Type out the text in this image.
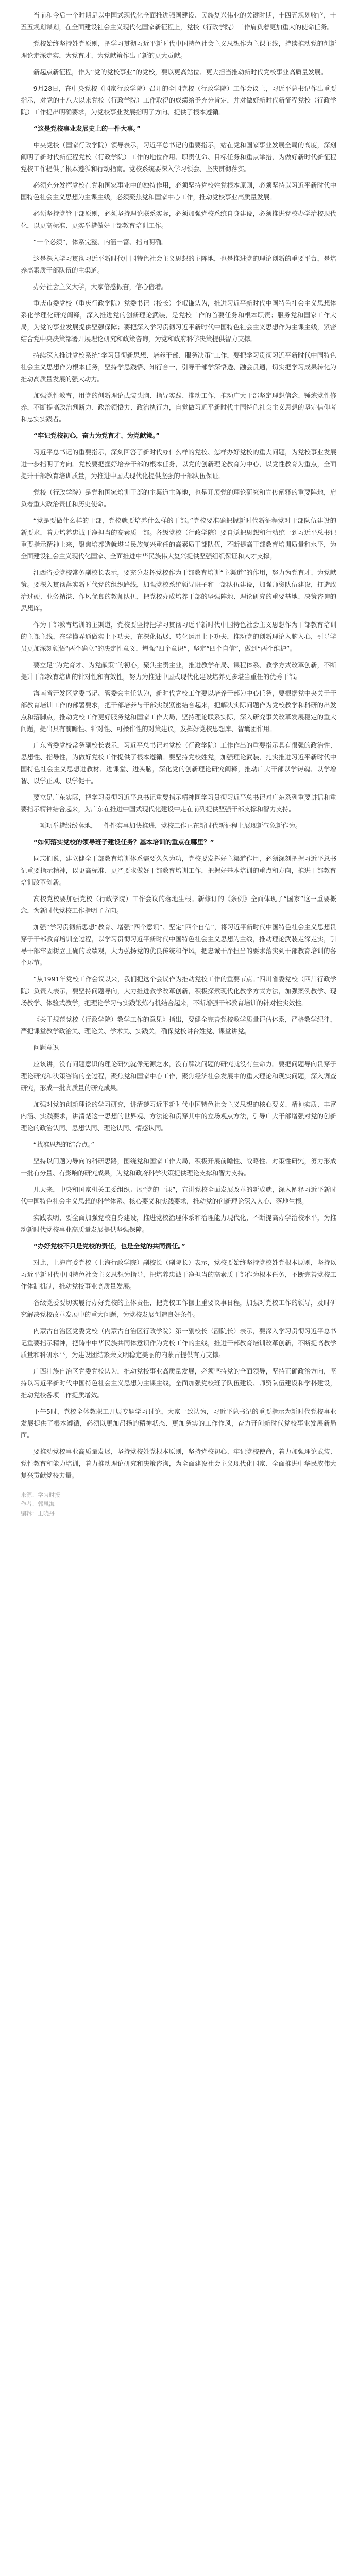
当前和今后一个时期是以中国式现代化全面推进强国建设、民族复兴伟业的关键时期，十四五规划收官，十五五规划谋划，在全面建设社会主义现代化国家新征程上，党校（行政学院）工作肩负着更加重大的使命任务。

党校始终坚持姓党原则，把学习贯彻习近平新时代中国特色社会主义思想作为主课主线，持续推动党的创新理论走深走实，为党育才、为党献策作出了新的更大贡献。

新起点新征程，作为“党的党校事业”的党校，要以更高站位、更大担当推动新时代党校事业高质量发展。

9月28日，在中央党校（国家行政学院）召开的全国党校（行政学院）工作会议上，习近平总书记作出重要指示，对党的十八大以来党校（行政学院）工作取得的成绩给予充分肯定，并对做好新时代新征程党校（行政学院）工作提出明确要求，为党校事业发展指明了方向、提供了根本遵循。

“这是党校事业发展史上的一件大事。”

中央党校（国家行政学院）领导表示，习近平总书记的重要指示，站在党和国家事业发展全局的高度，深刻阐明了新时代新征程党校（行政学院）工作的地位作用、职责使命、目标任务和重点举措，为做好新时代新征程党校工作提供了根本遵循和行动指南。党校系统要深入学习领会、坚决贯彻落实。

必须充分发挥党校在党和国家事业中的独特作用，必须坚持党校姓党根本原则，必须坚持以习近平新时代中国特色社会主义思想为主课主线，必须聚焦党和国家中心工作，推动党校事业高质量发展。

必须坚持党管干部原则，必须坚持理论联系实际，必须加强党校系统自身建设，必须推进党校办学治校现代化，以更高标准、更实举措做好干部教育培训工作。

“十个必须”，体系完整、内涵丰富、指向明确。

这是深入学习贯彻习近平新时代中国特色社会主义思想的主阵地，也是推进党的理论创新的重要平台，是培养高素质干部队伍的主渠道。

办好社会主义大学，大家倍感振奋，信心倍增。

重庆市委党校（重庆行政学院）党委书记（校长）李岷谦认为，推进习近平新时代中国特色社会主义思想体系化学理化研究阐释，深入推进党的创新理论武装，是党校工作的首要任务和根本职责；服务党和国家工作大局，为党的事业发展提供坚强保障；要把深入学习贯彻习近平新时代中国特色社会主义思想作为主课主线，紧密结合党中央决策部署开展理论研究和政策咨询，为党和政府科学决策提供智力支撑。

持续深入推进党校系统“学习贯彻新思想、培养干部、服务决策”工作，要把学习贯彻习近平新时代中国特色社会主义思想作为根本任务，坚持学思践悟、知行合一，引导干部学深悟透、融会贯通，切实把学习成果转化为推动高质量发展的强大动力。

加强党性教育，用党的创新理论武装头脑、指导实践、推动工作，推动广大干部坚定理想信念、锤炼党性修养，不断提高政治判断力、政治领悟力、政治执行力，自觉做习近平新时代中国特色社会主义思想的坚定信仰者和忠实实践者。

“牢记党校初心，奋力为党育才、为党献策。”

习近平总书记的重要指示，深刻回答了新时代办什么样的党校、怎样办好党校的重大问题，为党校事业发展进一步指明了方向。党校要把握好培养干部的根本任务，以党的创新理论教育为中心，以党性教育为重点，全面提升干部教育培训质量，为推进中国式现代化提供坚强的干部队伍保证。

党校（行政学院）是党和国家培训干部的主渠道主阵地，也是开展党的理论研究和宣传阐释的重要阵地，肩负着重大政治责任和历史使命。

“党是要做什么样的干部，党校就要培养什么样的干部。”党校要准确把握新时代新征程党对干部队伍建设的新要求，着力培养忠诚干净担当的高素质干部。各级党校（行政学院）要自觉把思想和行动统一到习近平总书记重要指示精神上来，聚焦培养造就堪当民族复兴重任的高素质干部队伍，不断提高干部教育培训质量和水平，为全面建设社会主义现代化国家、全面推进中华民族伟大复兴提供坚强组织保证和人才支撑。

江西省委党校常务副校长表示，要充分发挥党校作为干部教育培训“主渠道”的作用，努力为党育才、为党献策。要深入贯彻落实新时代党的组织路线，加强党校系统领导班子和干部队伍建设，加强师资队伍建设，打造政治过硬、业务精湛、作风优良的教师队伍，把党校办成培养干部的坚强阵地、理论研究的重要基地、决策咨询的思想库。

作为干部教育培训的主渠道，党校要坚持把学习贯彻习近平新时代中国特色社会主义思想作为干部教育培训的主课主线，在学懂弄通做实上下功夫，在深化拓展、转化运用上下功夫，推动党的创新理论入脑入心，引导学员更加深刻领悟“两个确立”的决定性意义，增强“四个意识”，坚定“四个自信”，做到“两个维护”。

要立足“为党育才、为党献策”的初心，聚焦主责主业，推进教学布局、课程体系、教学方式改革创新，不断提升干部教育培训的针对性和有效性，努力为推进中国式现代化建设培养更多堪当重任的优秀干部。

海南省开发区党委书记、管委会主任认为，新时代党校工作要以培养干部为中心任务，要根据党中央关于干部教育培训工作的部署要求，把干部培养与干部实践紧密结合起来，把解决实际问题作为党校教学和科研的出发点和落脚点，推动党校工作更好服务党和国家工作大局，坚持理论联系实际，深入研究事关改革发展稳定的重大问题，提出具有前瞻性、针对性、可操作性的对策建议，发挥好党校思想库、智囊团作用。

广东省委党校常务副校长表示，习近平总书记对党校（行政学院）工作作出的重要指示具有很强的政治性、思想性、指导性，为做好党校工作提供了根本遵循。要坚持党校姓党，加强理论武装，扎实推进习近平新时代中国特色社会主义思想进教材、进课堂、进头脑，深化党的创新理论研究阐释，推动广大干部以学铸魂、以学增智、以学正风、以学促干。

要立足广东实际，把学习贯彻习近平总书记重要指示精神同学习贯彻习近平总书记对广东系列重要讲话和重要指示精神结合起来，为广东在推进中国式现代化建设中走在前列提供坚强干部支撑和智力支持。

一项项举措纷纷落地，一件件实事加快推进，党校工作正在新时代新征程上展现新气象新作为。

“如何落实党校的领导班子建设任务？基本培训的重点在哪里？”

同志们说，建立健全干部教育培训体系需要久久为功，党校要发挥好主渠道作用，必须深刻把握习近平总书记重要指示精神，以更高标准、更严要求做好干部教育培训工作，把握好基本培训的重点和方向，推进干部教育培训改革创新。

高校党校要加强党校（行政学院）工作会议的落地生根。新修订的《条例》全面体现了“国家”这一重要概念，为新时代党校工作指明了方向。

加强“学习贯彻新思想”教育、增强“四个意识”、坚定“四个自信”，将习近平新时代中国特色社会主义思想贯穿于干部教育培训全过程，以学习贯彻习近平新时代中国特色社会主义思想为主线，推动理论武装走深走实，引导干部牢固树立正确的政绩观，大力弘扬党的优良传统和作风，把忠诚干净担当的要求落实到干部教育培训的各个环节。

“从1991年党校工作会议以来，我们把这个会议作为推动党校工作的重要节点。”四川省委党校（四川行政学院）负责人表示，要坚持问题导向，大力推进教学改革创新，积极探索现代化教学方式方法，加强案例教学、现场教学、体验式教学，把理论学习与实践锻炼有机结合起来，不断增强干部教育培训的针对性实效性。

《关于规范党校（行政学院）教学工作的意见》指出，要健全完善党校教学质量评估体系，严格教学纪律，严把课堂教学政治关、理论关、学术关、实践关，确保党校讲台姓党、课堂讲党。

问题意识

应该讲，没有问题意识的理论研究就像无源之水，没有解决问题的研究就没有生命力。要把问题导向贯穿于理论研究和决策咨询的全过程，聚焦党和国家中心工作，聚焦经济社会发展中的重大理论和现实问题，深入调查研究，形成一批高质量的研究成果。

加强对党的创新理论的学习研究，讲清楚习近平新时代中国特色社会主义思想的核心要义、精神实质、丰富内涵、实践要求，讲清楚这一思想的世界观、方法论和贯穿其中的立场观点方法，引导广大干部增强对党的创新理论的政治认同、思想认同、理论认同、情感认同。

“找准思想的结合点。”

坚持以问题为导向的科研思路，围绕党和国家工作大局，积极开展前瞻性、战略性、对策性研究，努力形成一批有分量、有影响的研究成果，为党和政府科学决策提供理论支撑和智力支持。

几天来，中央和国家机关工委组织开展“党的一课”，宣讲党校全面发展改革的新成就，深入阐释习近平新时代中国特色社会主义思想的科学体系、核心要义和实践要求，推动党的创新理论深入人心、落地生根。

实践表明，要全面加强党校自身建设，推进党校治理体系和治理能力现代化，不断提高办学治校水平，为推动新时代党校事业高质量发展提供坚强保障。

“办好党校不只是党校的责任，也是全党的共同责任。”

对此，上海市委党校（上海行政学院）副校长（副院长）表示，党校要始终坚持党校姓党根本原则，坚持以习近平新时代中国特色社会主义思想为指导，把培养忠诚干净担当的高素质干部作为根本任务，不断完善党校工作体制机制，推动党校事业高质量发展。

各级党委要切实履行办好党校的主体责任，把党校工作摆上重要议事日程，加强对党校工作的领导，及时研究解决党校改革发展中的重大问题，为党校发展创造良好条件。

内蒙古自治区党委党校（内蒙古自治区行政学院）第一副校长（副院长）表示，要深入学习贯彻习近平总书记重要指示精神，把铸牢中华民族共同体意识作为党校工作的主线，推进干部教育培训改革创新，不断提高教学质量和科研水平，为建设团结繁荣文明稳定美丽的内蒙古提供有力支撑。

广西壮族自治区党委党校认为，推动党校事业高质量发展，必须坚持党的全面领导，坚持正确政治方向，坚持以习近平新时代中国特色社会主义思想为主课主线，全面加强党校班子队伍建设、师资队伍建设和学科建设，推动党校各项工作提质增效。

下午5时，党校全体教职工开展专题学习讨论，大家一致认为，习近平总书记的重要指示为新时代党校事业发展提供了根本遵循，必须以更加昂扬的精神状态、更加务实的工作作风，奋力开创新时代党校事业发展新局面。

要推动党校事业高质量发展，坚持党校姓党根本原则，坚持党校初心、牢记党校使命，着力加强理论武装、党性教育和能力培训，着力推动理论研究和决策咨询，为全面建设社会主义现代化国家、全面推进中华民族伟大复兴贡献党校力量。

来源：学习时报
作者：郭凤海
编辑：王晓丹
